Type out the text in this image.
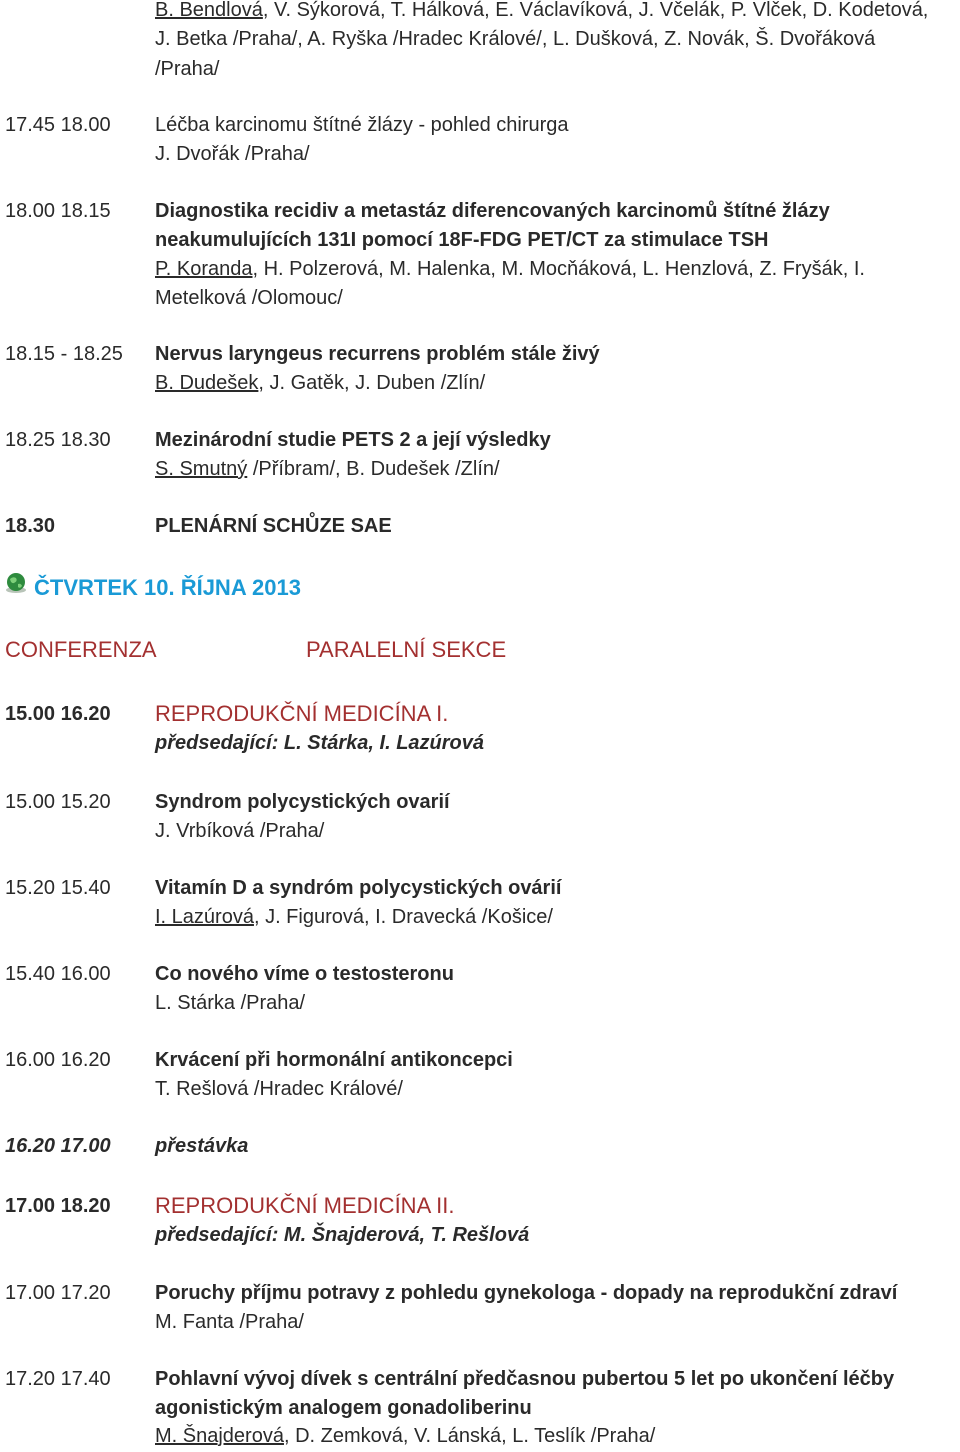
B. Bendlová, V. Sýkorová, T. Hálková, E. Václavíková, J. Včelák, P. Vlček, D. Kodetová,
J. Betka /Praha/, A. Ryška /Hradec Králové/, L. Dušková, Z. Novák, Š. Dvořáková
/Praha/
17.45 18.00 Léčba karcinomu štítné žlázy - pohled chirurga
J. Dvořák /Praha/
18.00 18.15 Diagnostika recidiv a metastáz diferencovaných karcinomů štítné žlázy
neakumulujících 131I pomocí 18F-FDG PET/CT za stimulace TSH
P. Koranda, H. Polzerová, M. Halenka, M. Mocňáková, L. Henzlová, Z. Fryšák, I.
Metelková /Olomouc/
18.15 - 18.25 Nervus laryngeus recurrens problém stále živý
B. Dudešek, J. Gatěk, J. Duben /Zlín/
18.25 18.30 Mezinárodní studie PETS 2 a její výsledky
S. Smutný /Příbram/, B. Dudešek /Zlín/
18.30	PLENÁRNÍ SCHŮZE SAE
ČTVRTEK 10. ŘÍJNA 2013
CONFERENZA	PARALELNÍ SEKCE
15.00 16.20 REPRODUKČNÍ MEDICÍNA I.
předsedající: L. Stárka, I. Lazúrová
15.00 15.20 Syndrom polycystických ovarií
J. Vrbíková /Praha/
15.20 15.40 Vitamín D a syndróm polycystických ovárií
I. Lazúrová, J. Figurová, I. Dravecká /Košice/
15.40 16.00 Co nového víme o testosteronu
L. Stárka /Praha/
16.00 16.20 Krvácení při hormonální antikoncepci
T. Rešlová /Hradec Králové/
16.20 17.00 přestávka
17.00 18.20 REPRODUKČNÍ MEDICÍNA II.
předsedající: M. Šnajderová, T. Rešlová
17.00 17.20 Poruchy příjmu potravy z pohledu gynekologa - dopady na reprodukční zdraví
M. Fanta /Praha/
17.20 17.40 Pohlavní vývoj dívek s centrální předčasnou pubertou 5 let po ukončení léčby
agonistickým analogem gonadoliberinu
M. Šnajderová, D. Zemková, V. Lánská, L. Teslík /Praha/
